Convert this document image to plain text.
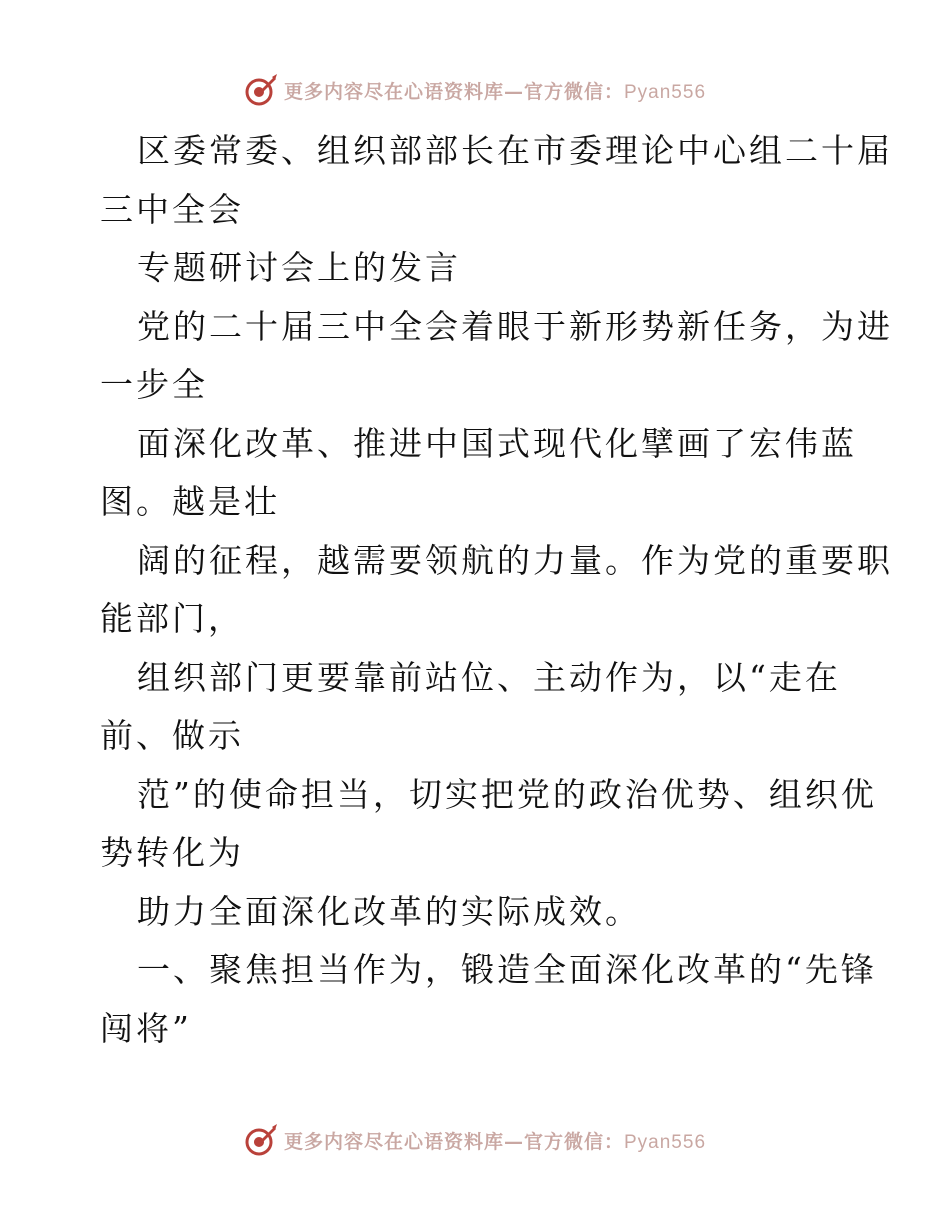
更多内容尽在心语资料库—官方微信：Pyan556
区委常委、组织部部长在市委理论中心组二十届
三中全会
专题研讨会上的发言
党的二十届三中全会着眼于新形势新任务，为进
一步全
面深化改革、推进中国式现代化擘画了宏伟蓝
图。越是壮
阔的征程，越需要领航的力量。作为党的重要职
能部门，
组织部门更要靠前站位、主动作为，以“走在
前、做示
范”的使命担当，切实把党的政治优势、组织优
势转化为
助力全面深化改革的实际成效。
一、聚焦担当作为，锻造全面深化改革的“先锋
闯将”
更多内容尽在心语资料库—官方微信：Pyan556
